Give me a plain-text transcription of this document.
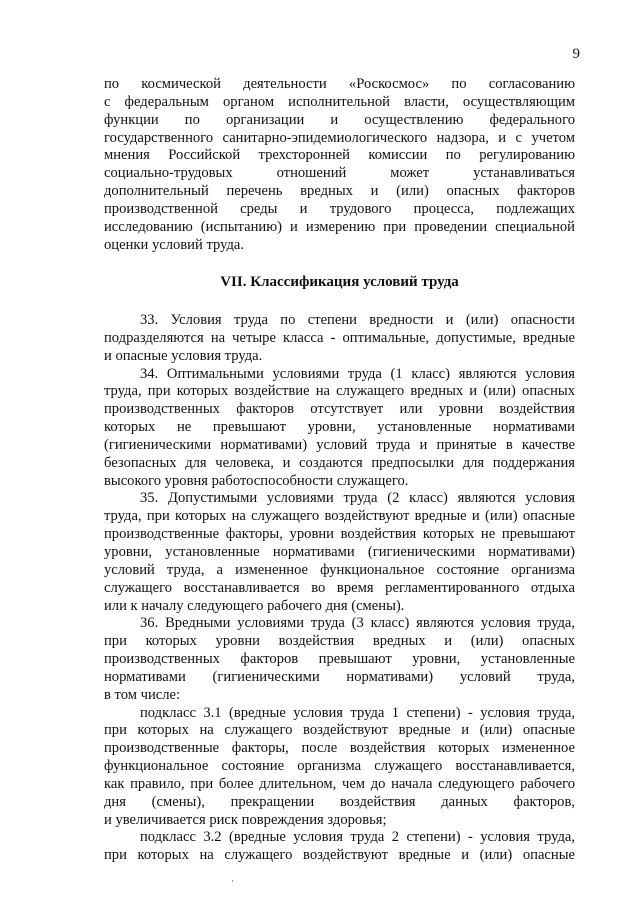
9
по космической деятельности «Роскосмос» по согласованию
с федеральным органом исполнительной власти, осуществляющим
функции по организации и осуществлению федерального
государственного санитарно-эпидемиологического надзора, и с учетом
мнения Российской трехсторонней комиссии по регулированию
социально-трудовых отношений может устанавливаться
дополнительный перечень вредных и (или) опасных факторов
производственной среды и трудового процесса, подлежащих
исследованию (испытанию) и измерению при проведении специальной
оценки условий труда.
VII. Классификация условий труда
33. Условия труда по степени вредности и (или) опасности
подразделяются на четыре класса - оптимальные, допустимые, вредные
и опасные условия труда.
34. Оптимальными условиями труда (1 класс) являются условия
труда, при которых воздействие на служащего вредных и (или) опасных
производственных факторов отсутствует или уровни воздействия
которых не превышают уровни, установленные нормативами
(гигиеническими нормативами) условий труда и принятые в качестве
безопасных для человека, и создаются предпосылки для поддержания
высокого уровня работоспособности служащего.
35. Допустимыми условиями труда (2 класс) являются условия
труда, при которых на служащего воздействуют вредные и (или) опасные
производственные факторы, уровни воздействия которых не превышают
уровни, установленные нормативами (гигиеническими нормативами)
условий труда, а измененное функциональное состояние организма
служащего восстанавливается во время регламентированного отдыха
или к началу следующего рабочего дня (смены).
36. Вредными условиями труда (3 класс) являются условия труда,
при которых уровни воздействия вредных и (или) опасных
производственных факторов превышают уровни, установленные
нормативами (гигиеническими нормативами) условий труда,
в том числе:
подкласс 3.1 (вредные условия труда 1 степени) - условия труда,
при которых на служащего воздействуют вредные и (или) опасные
производственные факторы, после воздействия которых измененное
функциональное состояние организма служащего восстанавливается,
как правило, при более длительном, чем до начала следующего рабочего
дня (смены), прекращении воздействия данных факторов,
и увеличивается риск повреждения здоровья;
подкласс 3.2 (вредные условия труда 2 степени) - условия труда,
при которых на служащего воздействуют вредные и (или) опасные
